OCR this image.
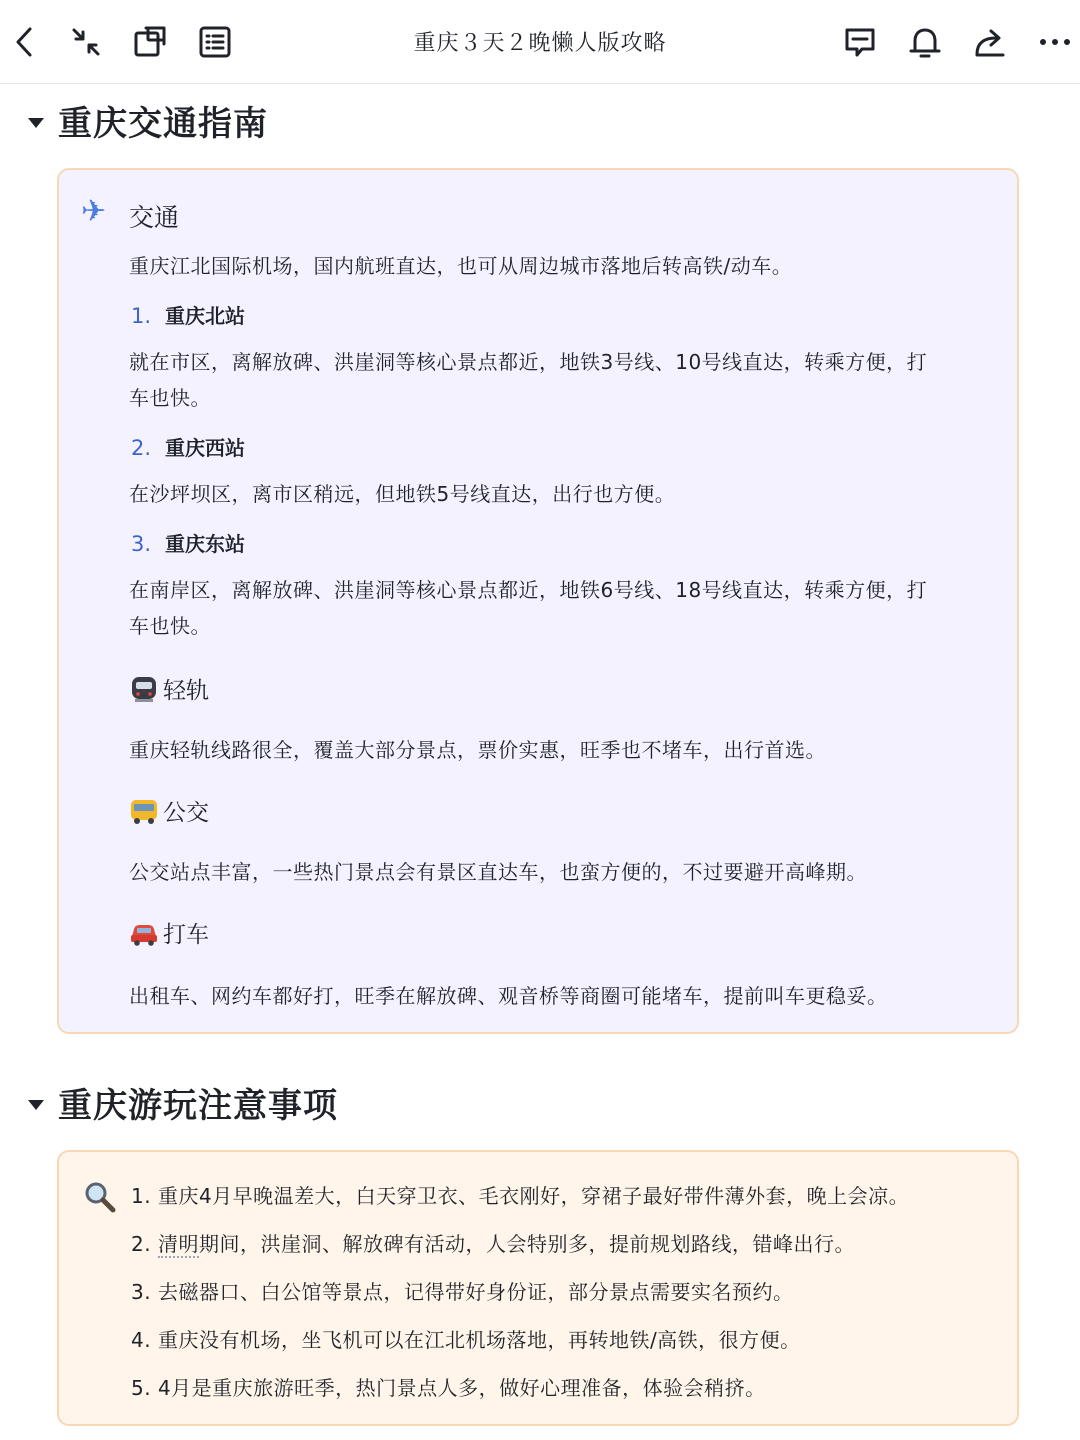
重庆３天２晚懒人版攻略
重庆交通指南
✈ 交通
重庆江北国际机场，国内航班直达，也可从周边城市落地后转高铁/动车。
1. 重庆北站
就在市区，离解放碑、洪崖洞等核心景点都近，地铁3号线、10号线直达，转乘方便，打
车也快。
2. 重庆西站
在沙坪坝区，离市区稍远，但地铁5号线直达，出行也方便。
3. 重庆东站
在南岸区，离解放碑、洪崖洞等核心景点都近，地铁6号线、18号线直达，转乘方便，打
车也快。
轻轨
重庆轻轨线路很全，覆盖大部分景点，票价实惠，旺季也不堵车，出行首选。
公交
公交站点丰富，一些热门景点会有景区直达车，也蛮方便的，不过要避开高峰期。
打车
出租车、网约车都好打，旺季在解放碑、观音桥等商圈可能堵车，提前叫车更稳妥。
重庆游玩注意事项
1. 重庆4月早晚温差大，白天穿卫衣、毛衣刚好，穿裙子最好带件薄外套，晚上会凉。
2. 清明期间，洪崖洞、解放碑有活动，人会特别多，提前规划路线，错峰出行。
3. 去磁器口、白公馆等景点，记得带好身份证，部分景点需要实名预约。
4. 重庆没有机场，坐飞机可以在江北机场落地，再转地铁/高铁，很方便。
5. 4月是重庆旅游旺季，热门景点人多，做好心理准备，体验会稍挤。
